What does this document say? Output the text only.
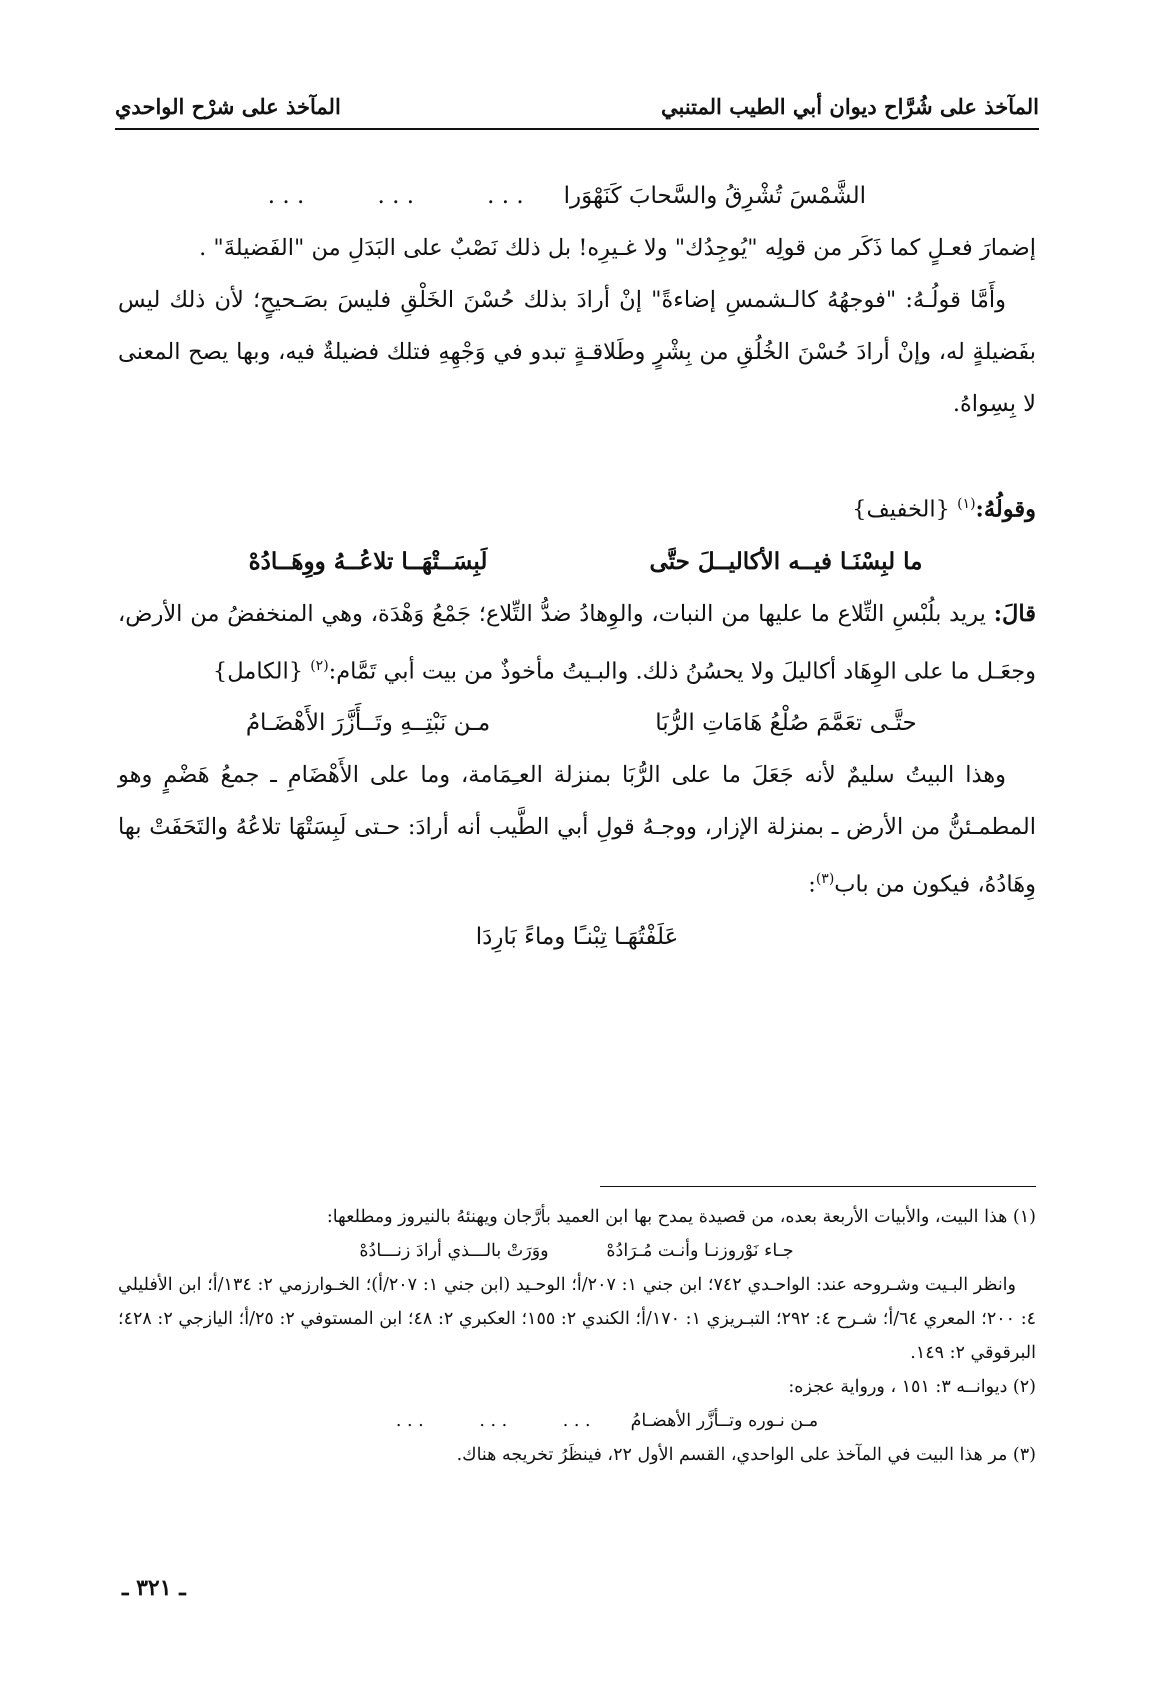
المآخذ على شُرَّاح ديوان أبي الطيب المتنبي
المآخذ على شرْح الواحدي
الشَّمْسَ تُشْرِقُ والسَّحابَ كَنَهْوَرا
. . .          . . .          . . .

إضمارَ فعـلٍ كما ذَكَر من قولِه "يُوجِدُك" ولا غـيرِه! بل ذلك نَصْبٌ على البَدَلِ من "الفَضيلةَ" .

وأَمَّا قولُـهُ: "فوجهُهُ كالـشمسِ إضاءةً" إنْ أرادَ بذلك حُسْنَ الخَلْقِ فليسَ بصَـحيحٍ؛ لأن ذلك ليس بفَضيلةٍ له، وإنْ أرادَ حُسْنَ الخُلُقِ من بِشْرٍ وطَلاقـةٍ تبدو في وَجْهِهِ فتلك فضيلةٌ فيه، وبها يصح المعنى لا بِسِواهُ.

وقولُهُ:$^{(١)}$ {الخفيف}

ما لبِسْنَـا فيــه الأكاليــلَ حتَّى
لَبِسَــتْهَــا تلاعُــهُ ووِهَــادُهْ

قالَ: يريد بلُبْسِ التِّلاع ما عليها من النبات، والوِهادُ ضدُّ التِّلاع؛ جَمْعُ وَهْدَة، وهي المنخفضُ من الأرض، وجعَـل ما على الوِهَاد أكاليلَ ولا يحسُنُ ذلك. والبـيتُ مأخوذٌ من بيت أبي تَمَّام:$^{(٢)}$ {الكامل}

حتَّـى تعَمَّمَ صُلْعُ هَامَاتِ الرُّبَا
مـن نَبْتِــهِ وتَــأَزَّرَ الأَهْضَـامُ

وهذا البيتُ سليمٌ لأنه جَعَلَ ما على الرُّبَا بمنزلة العـِمَامة، وما على الأَهْضَامِ ـ جمعُ هَضْمٍ وهو المطمـئنُّ من الأرض ـ بمنزلة الإزار، ووجـهُ قولِ أبي الطَّيب أنه أرادَ: حـتى لَبِسَتْهَا تلاعُهُ والتَحَفَتْ بها وِهَادُهُ، فيكون من باب$^{(٣)}$:

عَلَفْتُهَـا تِبْنـًا وماءً بَارِدَا
(١) هذا البيت، والأبيات الأربعة بعده، من قصيدة يمدح بها ابن العميد بأرَّجان ويهنئهُ بالنيروز ومطلعها:
جـاء نَوْروزنـا وأنـت مُـرَادُهْ
ووَرَتْ بالـــذي أرادَ زنـــادُهْ
وانظر البـيت وشـروحه عند: الواحـدي ٧٤٢؛ ابن جني ١: ٢٠٧/أ؛ الوحـيد (ابن جني ١: ٢٠٧/أ)؛ الخـوارزمي ٢: ١٣٤/أ؛ ابن الأفليلي ٤: ٢٠٠؛ المعري ٦٤/أ؛ شـرح ٤: ٢٩٢؛ التبـريزي ١: ١٧٠/أ؛ الكندي ٢: ١٥٥؛ العكبري ٢: ٤٨؛ ابن المستوفي ٢: ٢٥/أ؛ اليازجي ٢: ٤٢٨؛ البرقوقي ٢: ١٤٩.
(٢) ديوانــه ٣: ١٥١ ، ورواية عجزه:
مـن نـوره وتــأزَّر الأهضـامُ
. . .          . . .          . . .
(٣) مر هذا البيت في المآخذ على الواحدي، القسم الأول ٢٢، فينظَرُ تخريجه هناك.
ـ ٣٢١ ـ
